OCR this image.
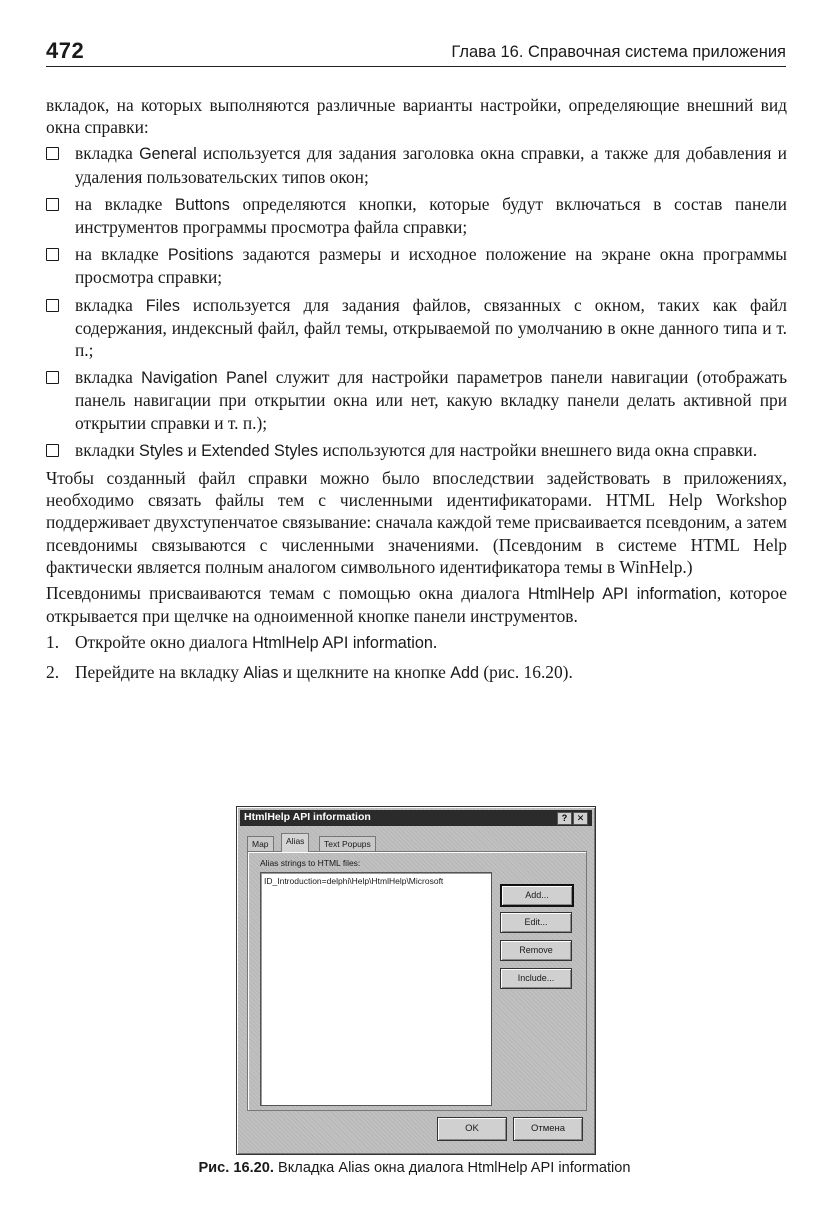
472	Глава 16. Справочная система приложения

вкладок, на которых выполняются различные варианты настройки, определяющие внешний вид окна справки:

вкладка General используется для задания заголовка окна справки, а также для добавления и удаления пользовательских типов окон;
на вкладке Buttons определяются кнопки, которые будут включаться в состав панели инструментов программы просмотра файла справки;
на вкладке Positions задаются размеры и исходное положение на экране окна программы просмотра справки;
вкладка Files используется для задания файлов, связанных с окном, таких как файл содержания, индексный файл, файл темы, открываемой по умолчанию в окне данного типа и т. п.;
вкладка Navigation Panel служит для настройки параметров панели навигации (отображать панель навигации при открытии окна или нет, какую вкладку панели делать активной при открытии справки и т. п.);
вкладки Styles и Extended Styles используются для настройки внешнего вида окна справки.

Чтобы созданный файл справки можно было впоследствии задействовать в приложениях, необходимо связать файлы тем с численными идентификаторами. HTML Help Workshop поддерживает двухступенчатое связывание: сначала каждой теме присваивается псевдоним, а затем псевдонимы связываются с численными значениями. (Псевдоним в системе HTML Help фактически является полным аналогом символьного идентификатора темы в WinHelp.)

Псевдонимы присваиваются темам с помощью окна диалога HtmlHelp API information, которое открывается при щелчке на одноименной кнопке панели инструментов.

1. Откройте окно диалога HtmlHelp API information.
2. Перейдите на вкладку Alias и щелкните на кнопке Add (рис. 16.20).
HtmlHelp API information	?	✕
Map	Alias	Text Popups
Alias strings to HTML files:
ID_Introduction=delphi\Help\HtmlHelp\Microsoft
Add...
Edit...
Remove
Include...
OK	Отмена
Рис. 16.20. Вкладка Alias окна диалога HtmlHelp API information
